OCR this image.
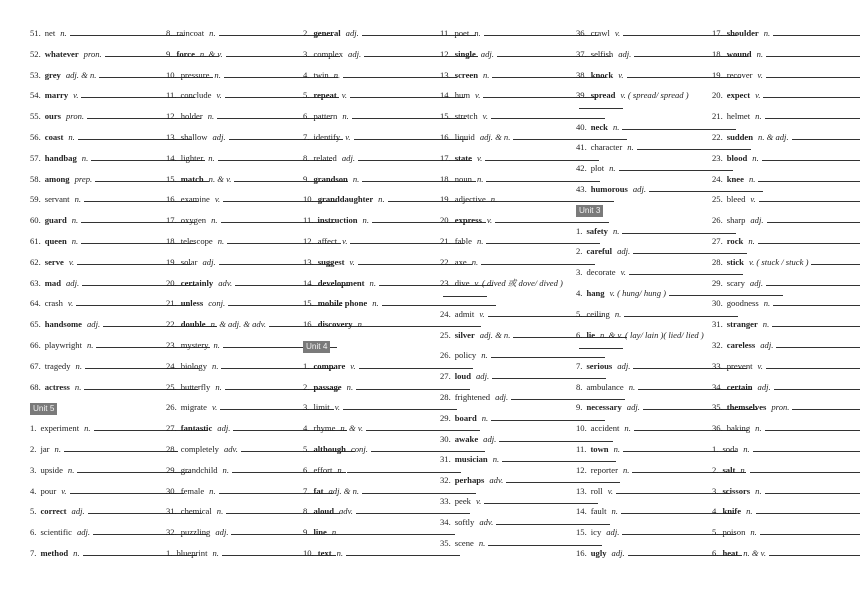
51. net n.
52. whatever pron.
53. grey adj. & n.
54. marry v.
55. ours pron.
56. coast n.
57. handbag n.
58. among prep.
59. servant n.
60. guard n.
61. queen n.
62. serve v.
63. mad adj.
64. crash v.
65. handsome adj.
66. playwright n.
67. tragedy n.
68. actress n.
Unit 5
1. experiment n.
2. jar n.
3. upside n.
4. pour v.
5. correct adj.
6. scientific adj.
7. method n.
8. raincoat n.
9. force n. & v.
10. pressure n.
11. conclude v.
12. holder n.
13. shallow adj.
14. lighter n.
15. match n. & v.
16. examine v.
17. oxygen n.
18. telescope n.
19. solar adj.
20. certainly adv.
21. unless conj.
22. double n. & adj. & adv.
23. mystery n.
24. biology n.
25. butterfly n.
26. migrate v.
27. fantastic adj.
28. completely adv.
29. grandchild n.
30. female n.
31. chemical n.
32. puzzling adj.
1. blueprint n.
2. general adj.
3. complex adj.
4. twin n.
5. repeat v.
6. pattern n.
7. identify v.
8. related adj.
9. grandson n.
10. granddaughter n.
11. instruction n.
12. affect v.
13. suggest v.
14. development n.
15. mobile phone n.
16. discovery n.
Unit 4
1. compare v.
2. passage n.
3. limit v.
4. rhyme n. & v.
5. although conj.
6. effort n.
7. fat adj. & n.
8. aloud adv.
9. line n.
10. text n.
11. poet n.
12. single adj.
13. screen n.
14. hum v.
15. stretch v.
16. liquid adj. & n.
17. state v.
18. noun n.
19. adjective n.
20. express v.
21. fable n.
22. axe n.
23. dive v. ( dived 或 dove/ dived )
24. admit v.
25. silver adj. & n.
26. policy n.
27. loud adj.
28. frightened adj.
29. board n.
30. awake adj.
31. musician n.
32. perhaps adv.
33. peek v.
34. softly adv.
35. scene n.
36. crawl v.
37. selfish adj.
38. knock v.
39. spread v. ( spread/ spread )
40. neck n.
41. character n.
42. plot n.
43. humorous adj.
Unit 3
1. safety n.
2. careful adj.
3. decorate v.
4. hang v. ( hung/ hung )
5. ceiling n.
6. lie n. & v. ( lay/ lain )( lied/ lied )
7. serious adj.
8. ambulance n.
9. necessary adj.
10. accident n.
11. town n.
12. reporter n.
13. roll v.
14. fault n.
15. icy adj.
16. ugly adj.
17. shoulder n.
18. wound n.
19. recover v.
20. expect v.
21. helmet n.
22. sudden n. & adj.
23. blood n.
24. knee n.
25. bleed v.
26. sharp adj.
27. rock n.
28. stick v. ( stuck / stuck )
29. scary adj.
30. goodness n.
31. stranger n.
32. careless adj.
33. prevent v.
34. certain adj.
35. themselves pron.
36. baking n.
1. soda n.
2. salt n.
3. scissors n.
4. knife n.
5. poison n.
6. heat n. & v.
